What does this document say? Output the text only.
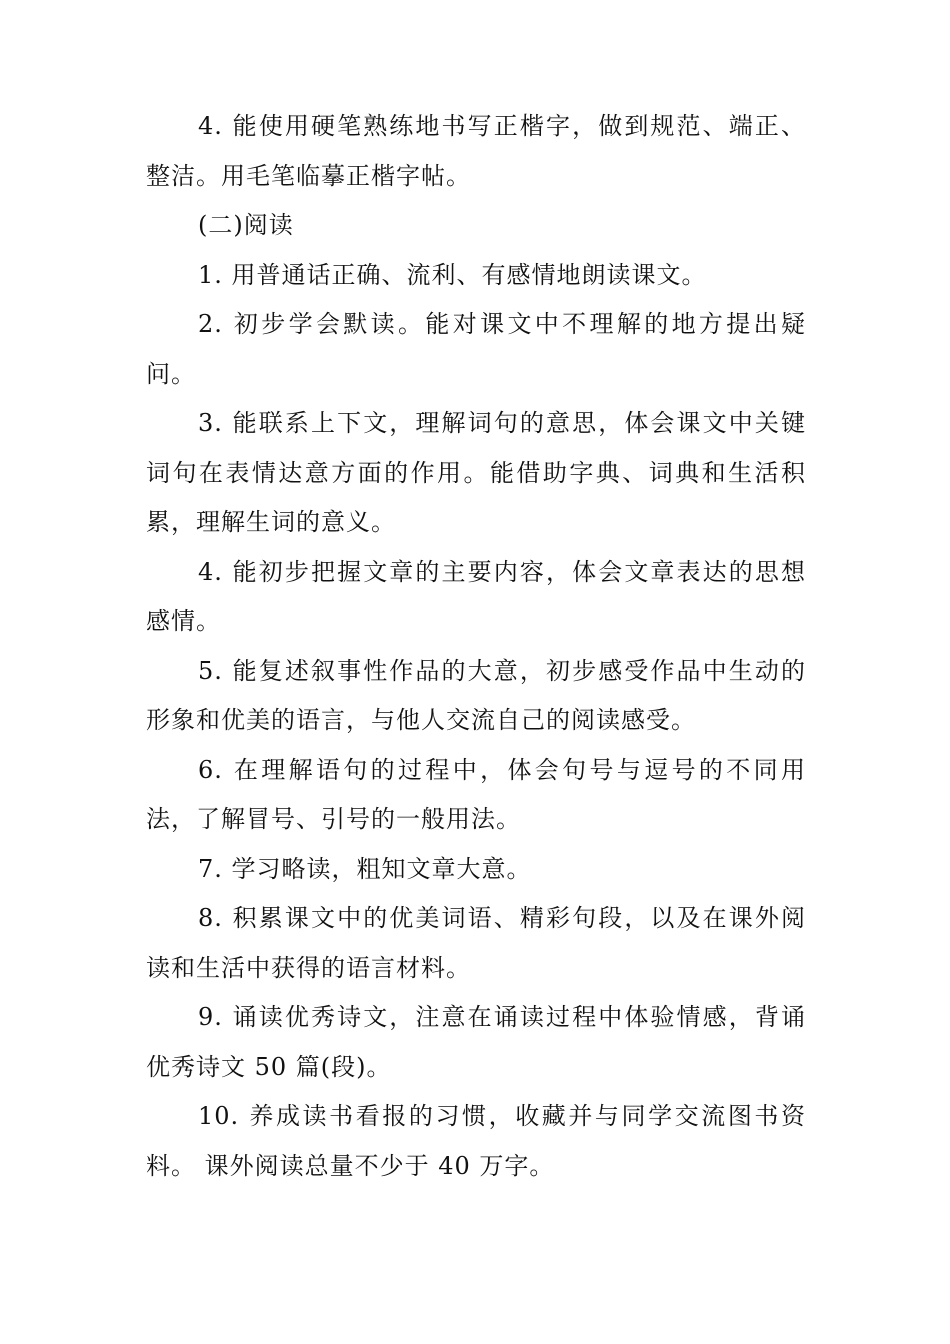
4. 能使用硬笔熟练地书写正楷字，做到规范、端正、整洁。用毛笔临摹正楷字帖。

(二)阅读

1. 用普通话正确、流利、有感情地朗读课文。

2. 初步学会默读。能对课文中不理解的地方提出疑问。

3. 能联系上下文，理解词句的意思，体会课文中关键词句在表情达意方面的作用。能借助字典、词典和生活积累，理解生词的意义。

4. 能初步把握文章的主要内容，体会文章表达的思想感情。

5. 能复述叙事性作品的大意，初步感受作品中生动的形象和优美的语言，与他人交流自己的阅读感受。

6. 在理解语句的过程中，体会句号与逗号的不同用法，了解冒号、引号的一般用法。

7. 学习略读，粗知文章大意。

8. 积累课文中的优美词语、精彩句段，以及在课外阅读和生活中获得的语言材料。

9. 诵读优秀诗文，注意在诵读过程中体验情感，背诵优秀诗文 50 篇(段)。

10. 养成读书看报的习惯，收藏并与同学交流图书资料。 课外阅读总量不少于 40 万字。
